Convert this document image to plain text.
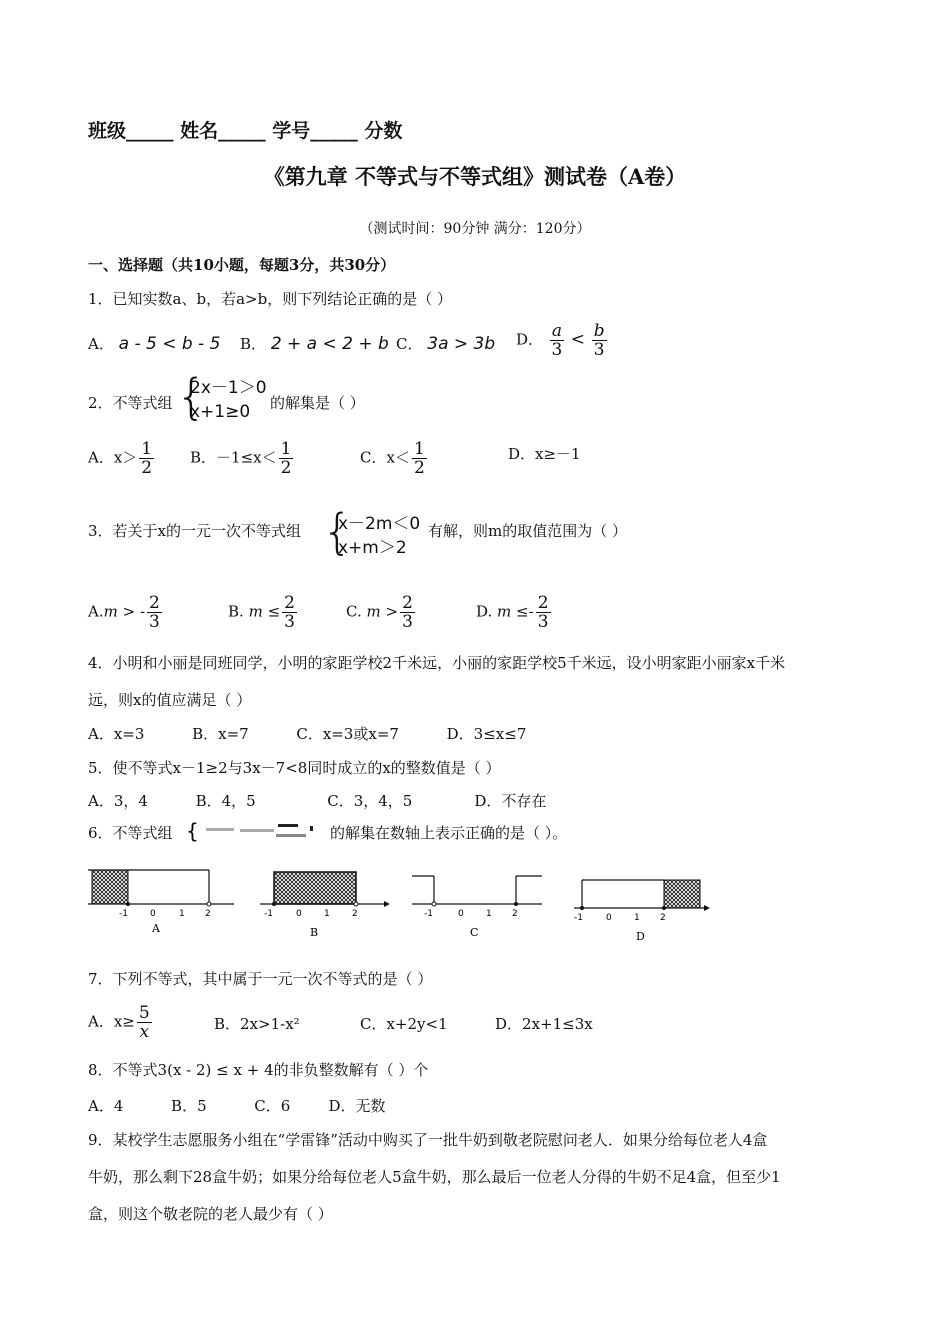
班级_____ 姓名_____ 学号_____ 分数
《第九章 不等式与不等式组》测试卷（A卷）
（测试时间：90分钟 满分：120分）
一、选择题（共10小题，每题3分，共30分）
1．已知实数a、b，若a>b，则下列结论正确的是（ ）
A． a - 5 < b - 5 B． 2 + a < 2 + b C． 3a > 3b D． $\frac{a}{3} < \frac{b}{3}$
2．不等式组 {
2x－1＞0
x+1≥0	的解集是（ ）
A．$x> \frac{1}{2}$ B．$-1\le x< \frac{1}{2}$	C．$x< \frac{1}{2}$	D．x≥－1
3．若关于x的一元一次不等式组 {
x－2m＜0
x+m＞2
有解，则m的取值范围为（ ）
A.m > - $\frac{2}{3}$	B. $m \le \frac{2}{3}$	C. $m > \frac{2}{3}$	D. $m \le- \frac{2}{3}$
4．小明和小丽是同班同学，小明的家距学校2千米远，小丽的家距学校5千米远，设小明家距小丽家x千米
远，则x的值应满足（ ）
A．x=3          B．x=7          C．x=3或x=7          D．3≤x≤7
5．使不等式x－1≥2与3x－7<8同时成立的x的整数值是（ ）
A．3，4          B．4，5               C．3，4，5             D．不存在
6．不等式组 {	的解集在数轴上表示正确的是（ ）。
-1 0	1 2
A
-1	0 1 2
B
-1	0 1 2
C
-1	0 1 2
D
7．下列不等式，其中属于一元一次不等式的是（ ）
A．$x\ge \frac{5}{x}$	B．2x>1-x²	C．x+2y<1	D．2x+1≤3x
8．不等式3(x - 2) ≤ x + 4的非负整数解有（ ）个
A．4          B．5          C．6        D．无数
9．某校学生志愿服务小组在“学雷锋”活动中购买了一批牛奶到敬老院慰问老人．如果分给每位老人4盒
牛奶，那么剩下28盒牛奶；如果分给每位老人5盒牛奶，那么最后一位老人分得的牛奶不足4盒，但至少1
盒，则这个敬老院的老人最少有（ ）
